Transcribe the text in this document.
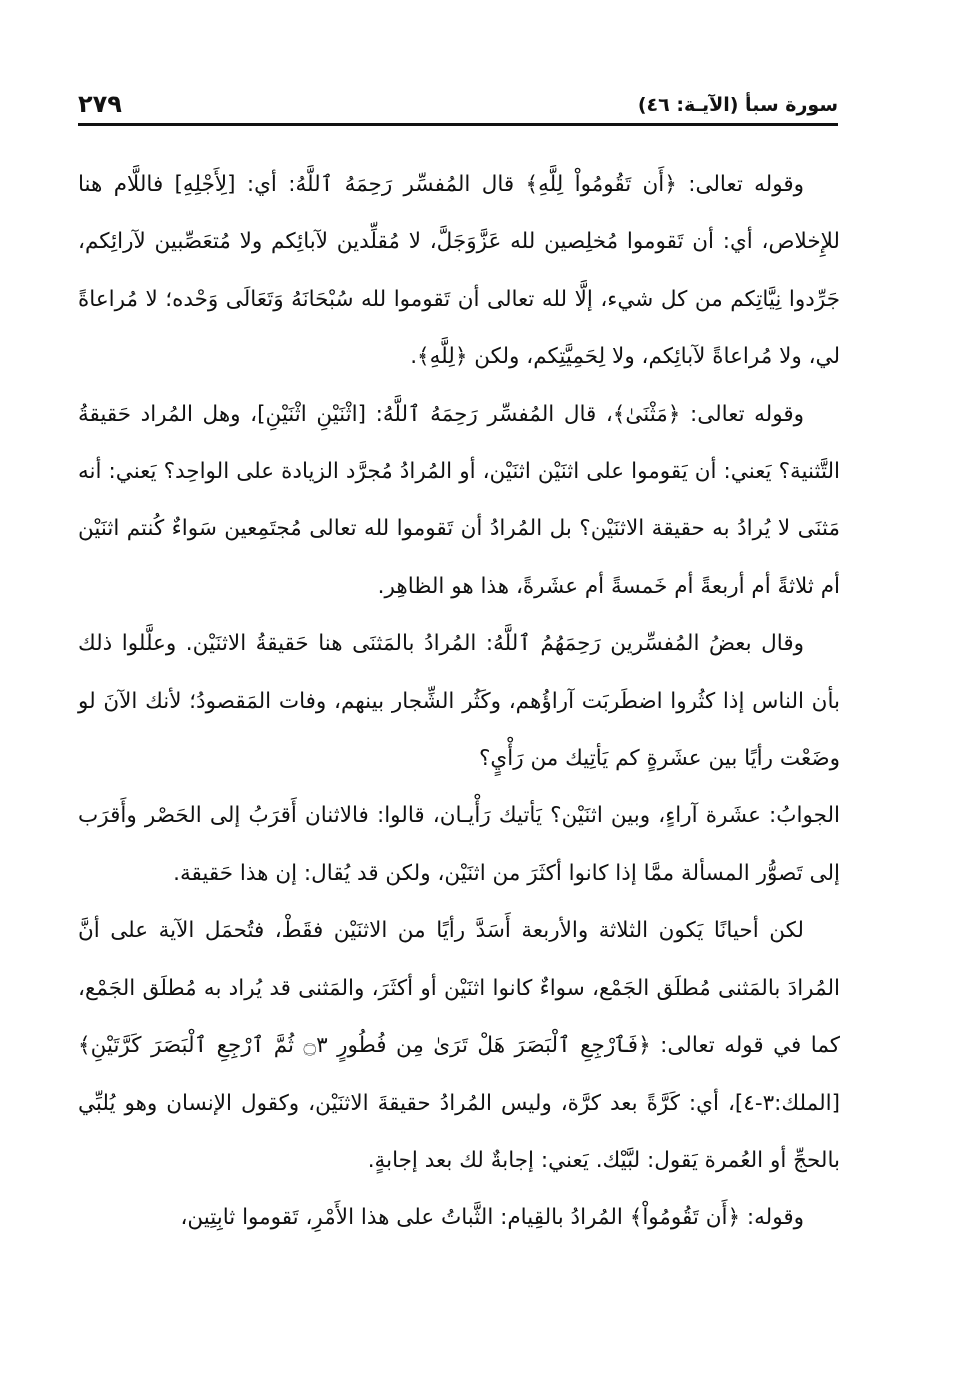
سورة سبأ (الآيـة: ٤٦)
٢٧٩

وقوله تعالى: ﴿أَن تَقُومُواْ لِلَّهِ﴾ قال المُفسِّر رَحِمَهُ ٱللَّهُ: أي: [لِأَجْلِهِ] فاللَّام هنا للإِخلاص، أي: أن تَقوموا مُخلِصين لله عَزَّوَجَلَّ، لا مُقلِّدين لآبائِكم ولا مُتعَصِّبين لآرائِكم، جَرِّدوا نِيَّاتِكم من كل شيء، إلَّا لله تعالى أن تَقوموا لله سُبْحَانَهُ وَتَعَالَى وَحْده؛ لا مُراعاةً لي، ولا مُراعاةً لآبائِكم، ولا لِحَمِيَّتِكم، ولكن ﴿لِلَّهِ﴾.

وقوله تعالى: ﴿مَثْنَىٰ﴾، قال المُفسِّر رَحِمَهُ ٱللَّهُ: [اثْنَيْنِ اثْنَيْنِ]، وهل المُراد حَقيقةُ التَّثنية؟ يَعني: أن يَقوموا على اثنَيْن اثنَيْن، أو المُرادُ مُجرَّد الزيادة على الواحِد؟ يَعني: أنه مَثنَى لا يُرادُ به حقيقة الاثنَيْن؟ بل المُرادُ أن تَقوموا لله تعالى مُجتَمِعين سَواءٌ كُنتم اثنَيْن أم ثلاثةً أم أربعةً أم خَمسةً أم عشَرةً، هذا هو الظاهِر.

وقال بعضُ المُفسِّرين رَحِمَهُمُ ٱللَّهُ: المُرادُ بالمَثنَى هنا حَقيقةُ الاثنَيْن. وعلَّلوا ذلك بأن الناس إذا كثُروا اضطَربَت آراؤُهم، وكَثُر الشِّجار بينهم، وفات المَقصودُ؛ لأنك الآنَ لو وضَعْت رأيًا بين عشَرةٍ كم يَأتِيك من رَأْيٍ؟

الجوابُ: عشَرة آراءٍ، وبين اثنَيْن؟ يَأتيك رَأْيـان، قالوا: فالاثنان أَقرَبُ إلى الحَصْر وأَقرَب إلى تَصوُّر المسألة ممَّا إذا كانوا أكثَرَ من اثنَيْن، ولكن قد يُقال: إن هذا حَقيقة.

لكن أحيانًا يَكون الثلاثة والأربعة أَسَدَّ رأيًا من الاثنَيْن فقَطْ، فتُحمَل الآية على أنَّ المُرادَ بالمَثنى مُطلَق الجَمْع، سواءٌ كانوا اثنَيْن أو أكثَرَ، والمَثنى قد يُراد به مُطلَق الجَمْع، كما في قوله تعالى: ﴿فَٱرْجِعِ ٱلْبَصَرَ هَلْ تَرَىٰ مِن فُطُورٍ ۝٣ ثُمَّ ٱرْجِعِ ٱلْبَصَرَ كَرَّتَيْنِ﴾ [الملك:٣-٤]، أي: كَرَّةً بعد كرَّة، وليس المُرادُ حقيقةَ الاثنَيْن، وكقول الإنسان وهو يُلبِّي بالحجِّ أو العُمرة يَقول: لبَّيْك. يَعني: إجابةٌ لك بعد إجابةٍ.

وقوله: ﴿أَن تَقُومُواْ﴾ المُرادُ بالقِيام: الثَّباتُ على هذا الأَمْرِ، تَقوموا ثابِتِين،
